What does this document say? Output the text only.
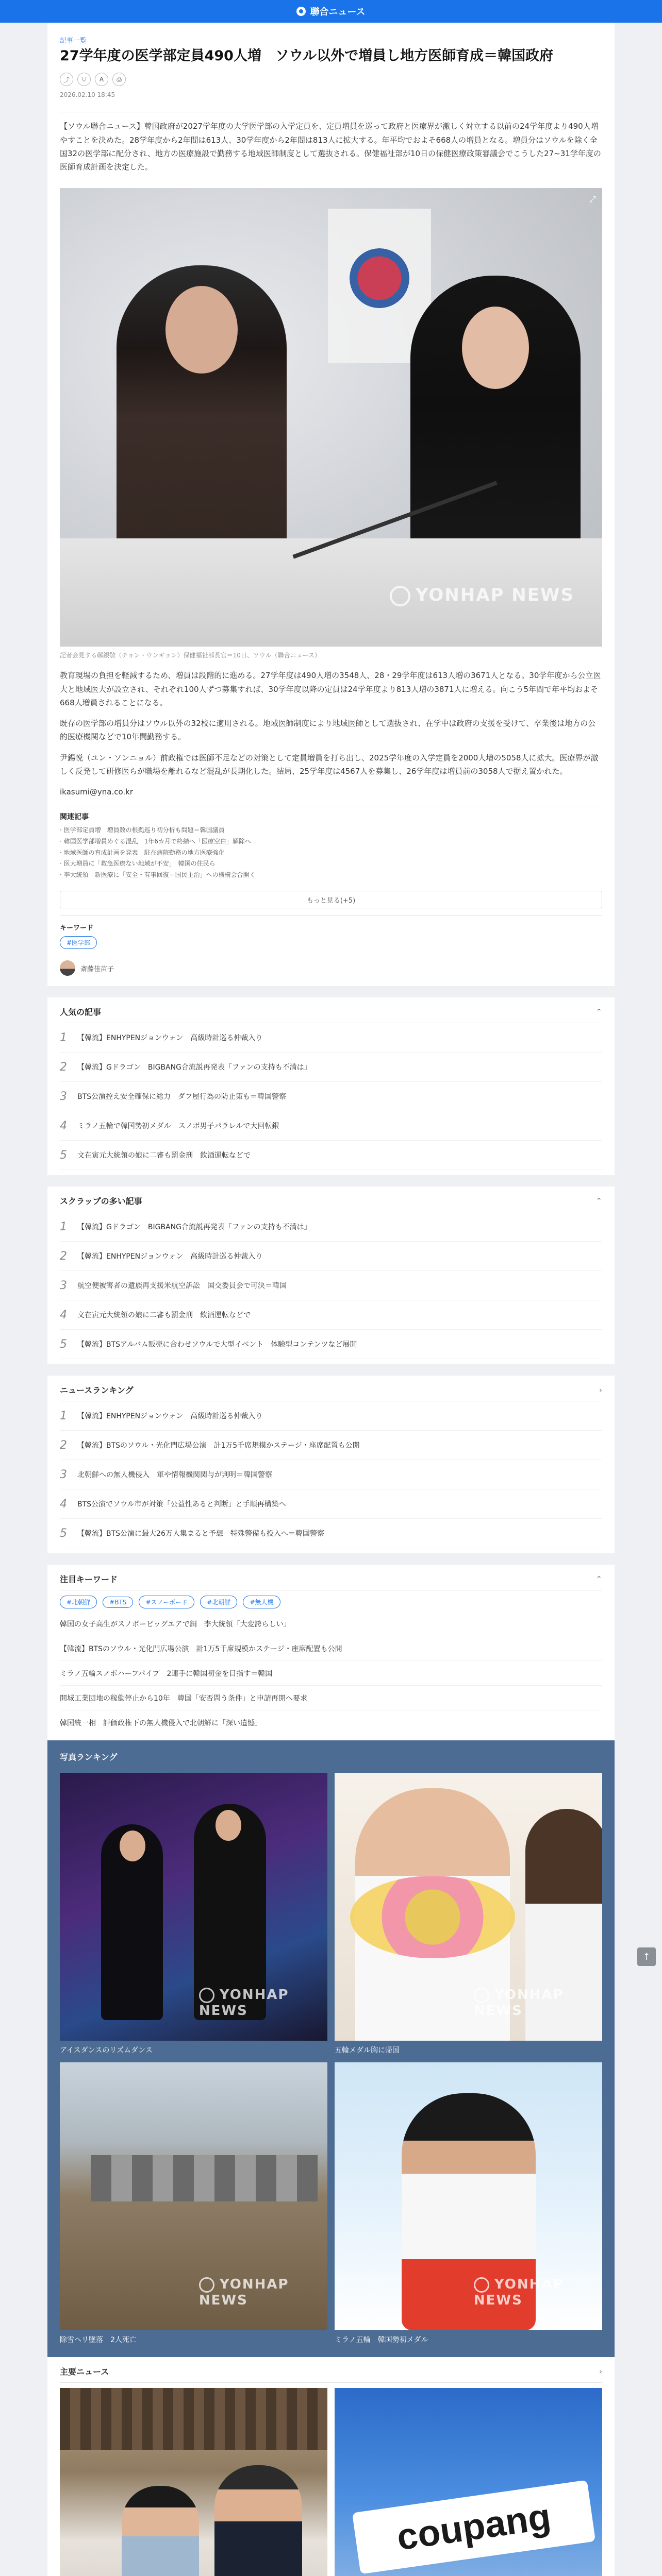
聯合ニュース
記事一覧
27学年度の医学部定員490人増　ソウル以外で増員し地方医師育成＝韓国政府
⤴	⛉	A	⎙
2026.02.10 18:45

【ソウル聯合ニュース】韓国政府が2027学年度の大学医学部の入学定員を、定員増員を巡って政府と医療界が激しく対立する以前の24学年度より490人増やすことを決めた。28学年度から2年間は613人、30学年度から2年間は813人に拡大する。年平均でおよそ668人の増員となる。増員分はソウルを除く全国32の医学部に配分され、地方の医療施設で勤務する地域医師制度として選抜される。保健福祉部が10日の保健医療政策審議会でこうした27~31学年度の医師育成計画を決定した。

YONHAP NEWS
⤢
記者会見する鄭銀敬（チョン・ウンギョン）保健福祉部長官＝10日、ソウル（聯合ニュース）

教育現場の負担を軽減するため、増員は段階的に進める。27学年度は490人増の3548人、28・29学年度は613人増の3671人となる。30学年度から公立医大と地域医大が設立され、それぞれ100人ずつ募集すれば、30学年度以降の定員は24学年度より813人増の3871人に増える。向こう5年間で年平均およそ668人増員されることになる。

既存の医学部の増員分はソウル以外の32校に適用される。地域医師制度により地域医師として選抜され、在学中は政府の支援を受けて、卒業後は地方の公的医療機関などで10年間勤務する。

尹錫悦（ユン・ソンニョル）前政権では医師不足などの対策として定員増員を打ち出し、2025学年度の入学定員を2000人増の5058人に拡大。医療界が激しく反発して研修医らが職場を離れるなど混乱が長期化した。結局、25学年度は4567人を募集し、26学年度は増員前の3058人で据え置かれた。

ikasumi@yna.co.kr

関連記事
· 医学部定員増　増員数の根拠巡り初分析も問題＝韓国議員
· 韓国医学部増員めぐる混乱　1年6カ月で終結へ「医療空白」解除へ
· 地域医師の育成計画を発表　駐在病院勤務の地方医療強化
· 医大増員に「救急医療ない地域が不安」　韓国の住民ら
· 李大統領　新医療に「安全・有事回復＝国民主治」への機構会合開く
もっと見る(+5)
キーワード
#医学部
斎藤佳苗子
人気の記事	⌃
1 【韓流】ENHYPENジョンウォン　高級時計巡る仲裁入り
2 【韓流】Gドラゴン　BIGBANG合流説再発表「ファンの支持も不満は」
3 BTS公演控え安全確保に総力　ダフ屋行為の防止策も＝韓国警察
4 ミラノ五輪で韓国勢初メダル　スノボ男子パラレルで大回転銀
5 文在寅元大統領の娘に二審も罰金刑　飲酒運転などで
スクラップの多い記事	⌃
1 【韓流】Gドラゴン　BIGBANG合流説再発表「ファンの支持も不満は」
2 【韓流】ENHYPENジョンウォン　高級時計巡る仲裁入り
3 航空便被害者の遺族再支援米航空訴訟　国交委員会で可決＝韓国
4 文在寅元大統領の娘に二審も罰金刑　飲酒運転などで
5 【韓流】BTSアルバム販売に合わせソウルで大型イベント　体験型コンテンツなど展開
ニュースランキング	›
1 【韓流】ENHYPENジョンウォン　高級時計巡る仲裁入り
2 【韓流】BTSのソウル・光化門広場公演　計1万5千席規模かステージ・座席配置も公開
3 北朝鮮への無人機侵入　軍や情報機関関与が判明＝韓国警察
4 BTS公演でソウル市が対策「公益性あると判断」と手順再構築へ
5 【韓流】BTS公演に最大26万人集まると予想　特殊警備も投入へ＝韓国警察
注目キーワード	⌃
#北朝鮮	#BTS	#スノーボード	#北朝鮮	#無人機
韓国の女子高生がスノボービッグエアで銅　李大統領「大変誇らしい」
【韓流】BTSのソウル・光化門広場公演　計1万5千席規模かステージ・座席配置も公開
ミラノ五輪スノボハーフパイプ　2連手に韓国初金を目指す＝韓国
開城工業団地の稼働停止から10年　韓国「安否問う条件」と申請再開へ要求
韓国統一相　評価政権下の無人機侵入で北朝鮮に「深い遺憾」
写真ランキング
YONHAP NEWS
アイスダンスのリズムダンス
YONHAP NEWS
五輪メダル胸に帰国
YONHAP NEWS
除雪ヘリ墜落　2人死亡
YONHAP NEWS
ミラノ五輪　韓国勢初メダル
主要ニュース	›
coupang
↑
